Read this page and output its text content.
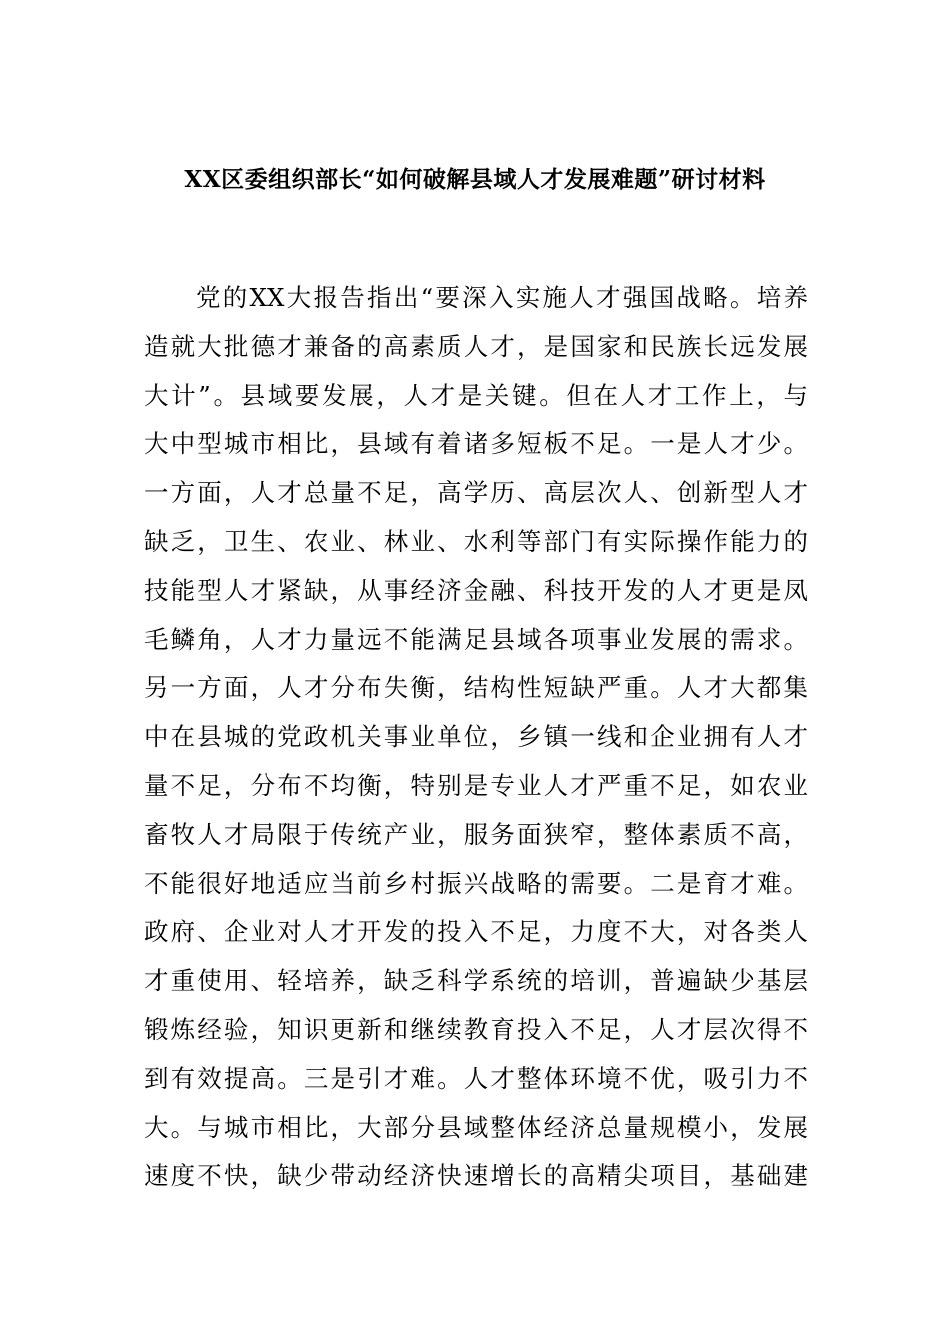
XX区委组织部长“如何破解县域人才发展难题”研讨材料
党的XX大报告指出“要深入实施人才强国战略。培养
造就大批德才兼备的高素质人才，是国家和民族长远发展
大计”。县域要发展，人才是关键。但在人才工作上，与
大中型城市相比，县域有着诸多短板不足。一是人才少。
一方面，人才总量不足，高学历、高层次人、创新型人才
缺乏，卫生、农业、林业、水利等部门有实际操作能力的
技能型人才紧缺，从事经济金融、科技开发的人才更是凤
毛鳞角，人才力量远不能满足县域各项事业发展的需求。
另一方面，人才分布失衡，结构性短缺严重。人才大都集
中在县城的党政机关事业单位，乡镇一线和企业拥有人才
量不足，分布不均衡，特别是专业人才严重不足，如农业
畜牧人才局限于传统产业，服务面狭窄，整体素质不高，
不能很好地适应当前乡村振兴战略的需要。二是育才难。
政府、企业对人才开发的投入不足，力度不大，对各类人
才重使用、轻培养，缺乏科学系统的培训，普遍缺少基层
锻炼经验，知识更新和继续教育投入不足，人才层次得不
到有效提高。三是引才难。人才整体环境不优，吸引力不
大。与城市相比，大部分县域整体经济总量规模小，发展
速度不快，缺少带动经济快速增长的高精尖项目，基础建
